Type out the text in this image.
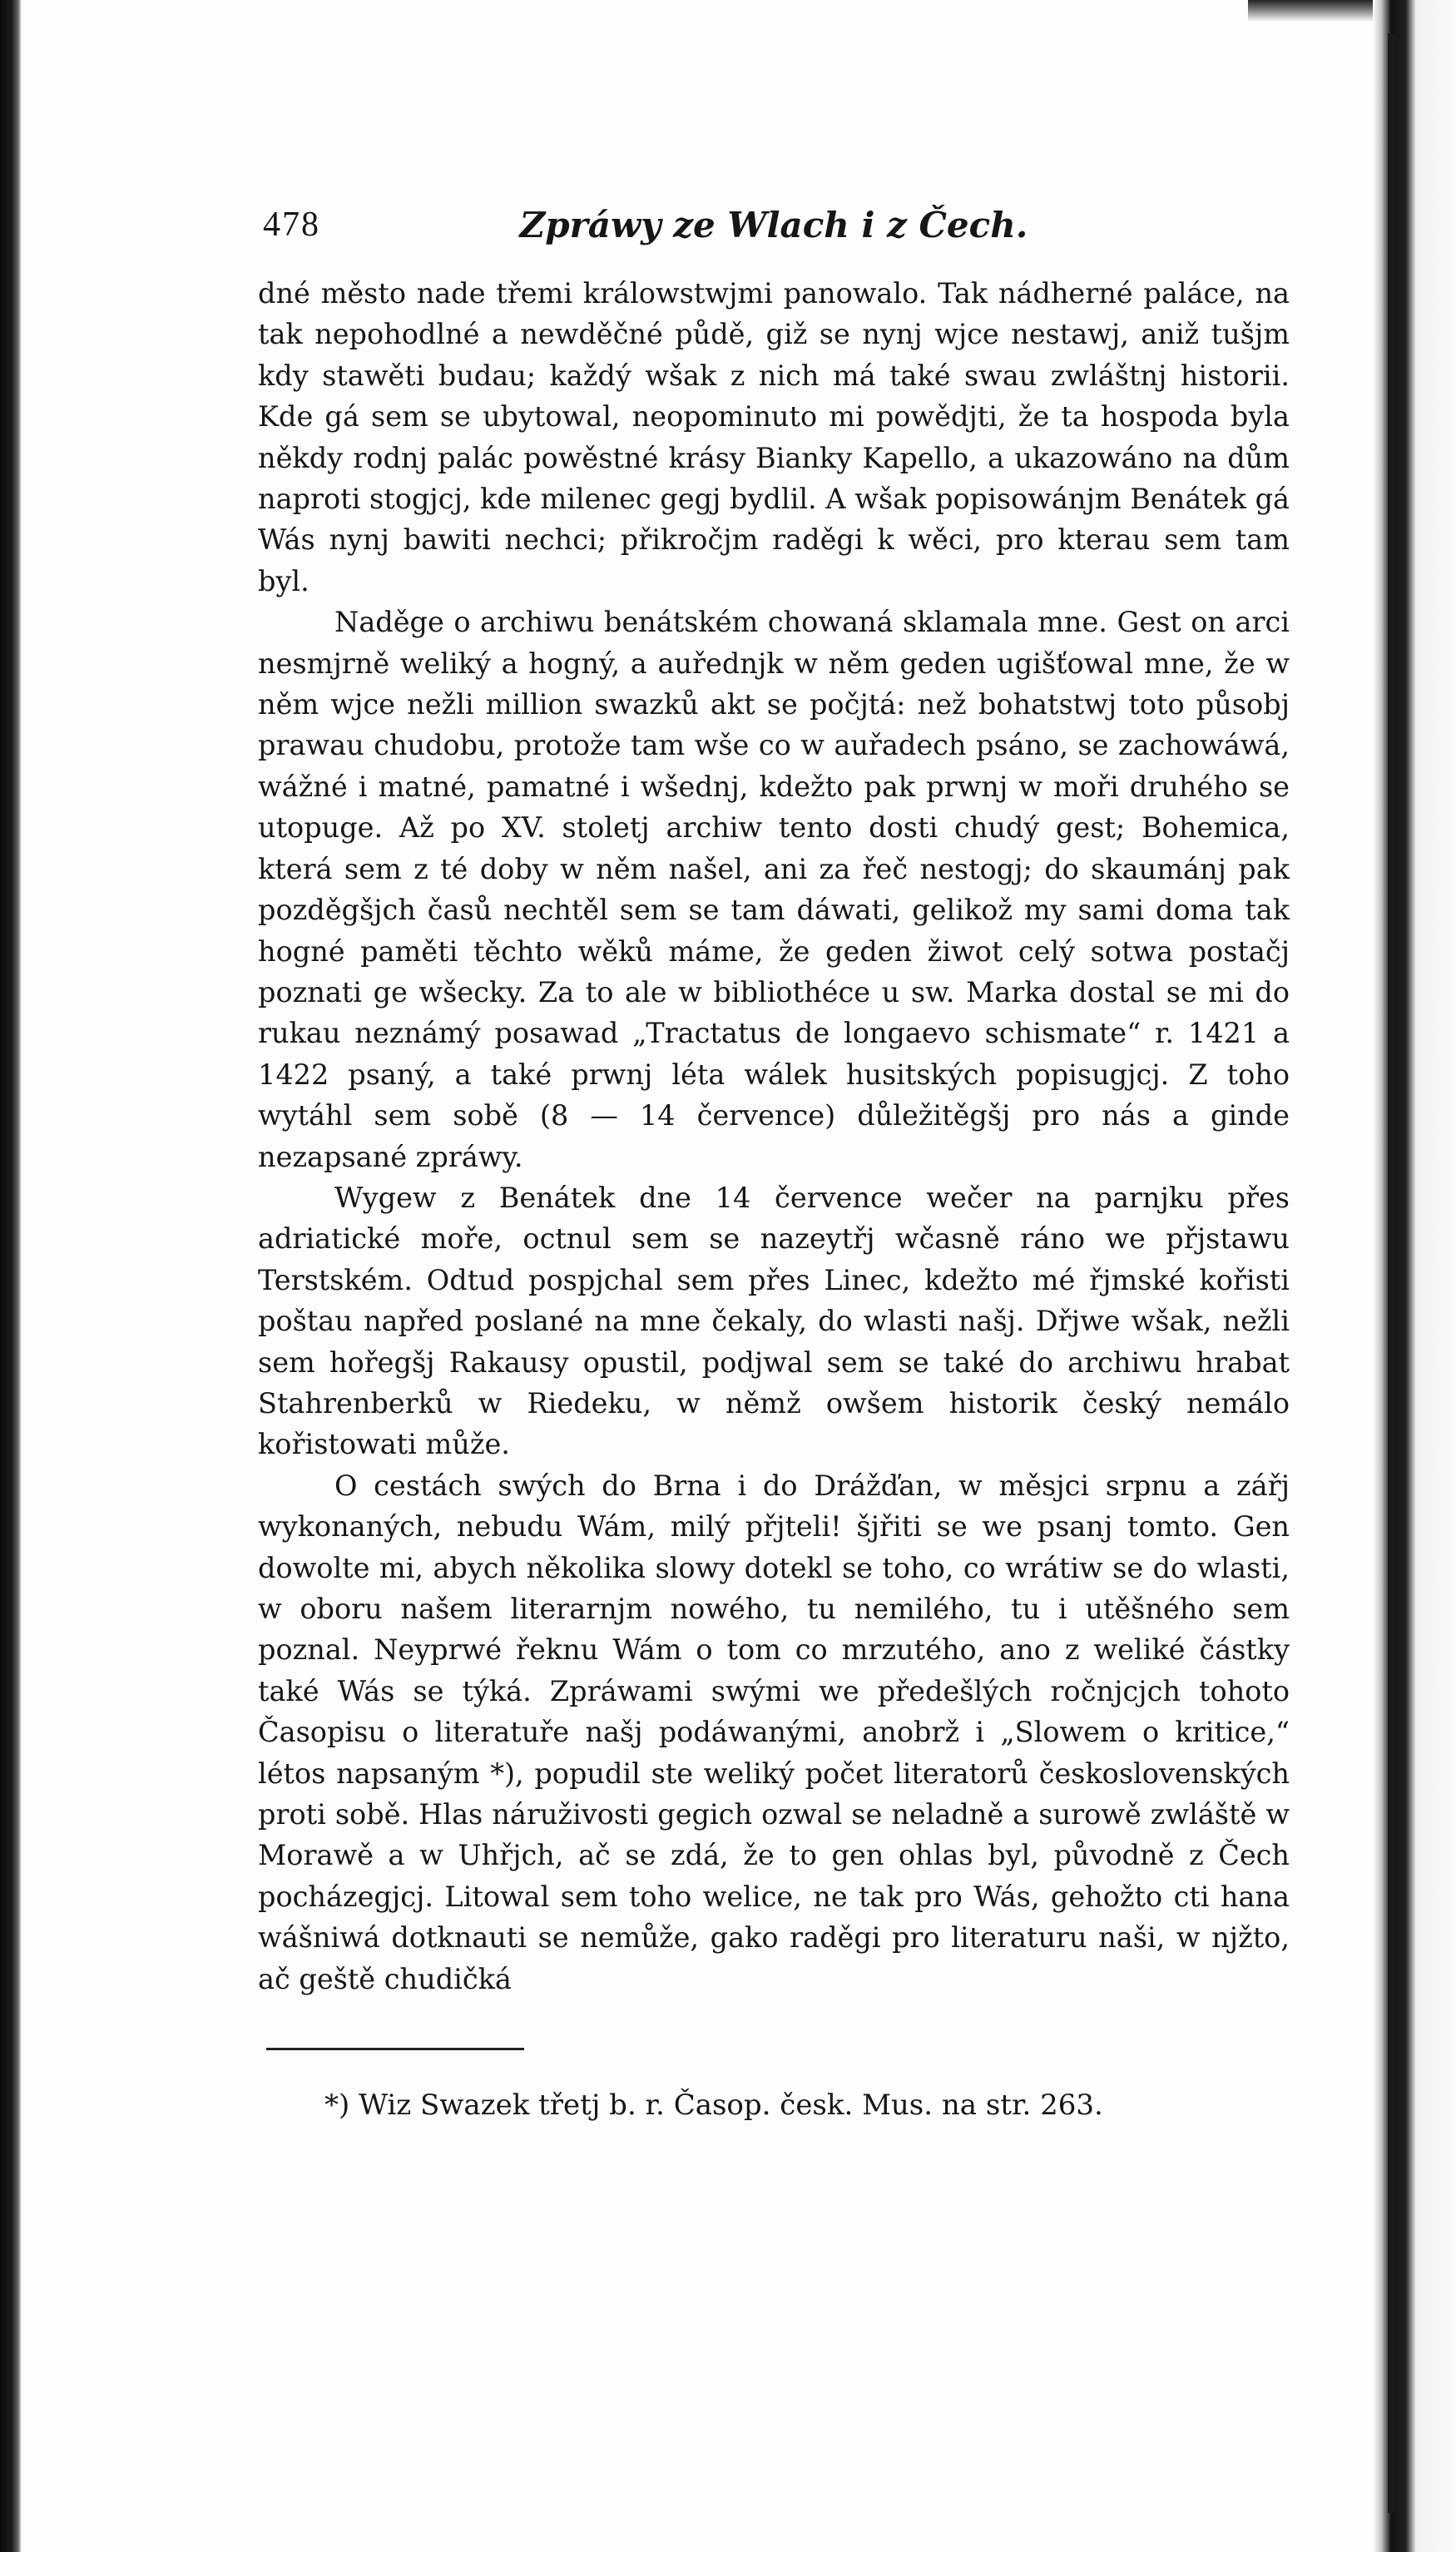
478	Zpráwy ze Wlach i z Čech.

dné město nade třemi králowstwjmi panowalo. Tak nádherné paláce, na tak nepohodlné a newděčné půdě, giž se nynj wjce nestawj, aniž tušjm kdy stawěti budau; každý wšak z nich má také swau zwláštnj historii. Kde gá sem se ubytowal, neopominuto mi powědjti, že ta hospoda byla někdy rodnj palác powěstné krásy Bianky Kapello, a ukazowáno na dům naproti stogjcj, kde milenec gegj bydlil. A wšak popisowánjm Benátek gá Wás nynj bawiti nechci; přikročjm raděgi k wěci, pro kterau sem tam byl.

Naděge o archiwu benátském chowaná sklamala mne. Gest on arci nesmjrně weliký a hogný, a auřednjk w něm geden ugišťowal mne, že w něm wjce nežli million swazků akt se počjtá: než bohatstwj toto působj prawau chudobu, protože tam wše co w auřadech psáno, se zachowáwá, wážné i matné, pamatné i wšednj, kdežto pak prwnj w moři druhého se utopuge. Až po XV. stoletj archiw tento dosti chudý gest; Bohemica, která sem z té doby w něm našel, ani za řeč nestogj; do skaumánj pak pozděgšjch časů nechtěl sem se tam dáwati, gelikož my sami doma tak hogné paměti těchto wěků máme, že geden žiwot celý sotwa postačj poznati ge wšecky. Za to ale w bibliothéce u sw. Marka dostal se mi do rukau neznámý posawad „Tractatus de longaevo schismate“ r. 1421 a 1422 psaný, a také prwnj léta wálek husitských popisugjcj. Z toho wytáhl sem sobě (8 — 14 července) důležitěgšj pro nás a ginde nezapsané zpráwy.

Wygew z Benátek dne 14 července wečer na parnjku přes adriatické moře, octnul sem se nazeytřj wčasně ráno we přjstawu Terstském. Odtud pospjchal sem přes Linec, kdežto mé řjmské kořisti poštau napřed poslané na mne čekaly, do wlasti našj. Dřjwe wšak, nežli sem hořegšj Rakausy opustil, podjwal sem se také do archiwu hrabat Stahrenberků w Riedeku, w němž owšem historik český nemálo kořistowati může.

O cestách swých do Brna i do Drážďan, w měsjci srpnu a zářj wykonaných, nebudu Wám, milý přjteli! šjřiti se we psanj tomto. Gen dowolte mi, abych několika slowy dotekl se toho, co wrátiw se do wlasti, w oboru našem literarnjm nowého, tu nemilého, tu i utěšného sem poznal. Neyprwé řeknu Wám o tom co mrzutého, ano z weliké částky také Wás se týká. Zpráwami swými we předešlých ročnjcjch tohoto Časopisu o literatuře našj podáwanými, anobrž i „Slowem o kritice,“ létos napsaným *), popudil ste weliký počet literatorů československých proti sobě. Hlas náruživosti gegich ozwal se neladně a surowě zwláště w Morawě a w Uhřjch, ač se zdá, že to gen ohlas byl, původně z Čech pocházegjcj. Litowal sem toho welice, ne tak pro Wás, gehožto cti hana wášniwá dotknauti se nemůže, gako raděgi pro literaturu naši, w njžto, ač geště chudičká

*) Wiz Swazek třetj b. r. Časop. česk. Mus. na str. 263.
